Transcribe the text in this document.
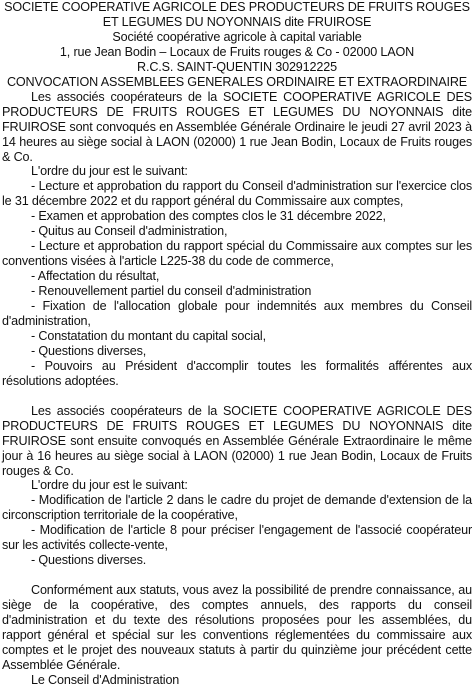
SOCIETE COOPERATIVE AGRICOLE DES PRODUCTEURS DE FRUITS ROUGES

ET LEGUMES DU NOYONNAIS dite FRUIROSE

Société coopérative agricole à capital variable

1, rue Jean Bodin – Locaux de Fruits rouges & Co - 02000 LAON

R.C.S. SAINT-QUENTIN 302912225

CONVOCATION ASSEMBLEES GENERALES ORDINAIRE ET EXTRAORDINAIRE

Les associés coopérateurs de la SOCIETE COOPERATIVE AGRICOLE DES PRODUCTEURS DE FRUITS ROUGES ET LEGUMES DU NOYONNAIS dite FRUIROSE sont convoqués en Assemblée Générale Ordinaire le jeudi 27 avril 2023 à 14 heures au siège social à LAON (02000) 1 rue Jean Bodin, Locaux de Fruits rouges & Co.

L'ordre du jour est le suivant:

- Lecture et approbation du rapport du Conseil d'administration sur l'exercice clos le 31 décembre 2022 et du rapport général du Commissaire aux comptes,

- Examen et approbation des comptes clos le 31 décembre 2022,

- Quitus au Conseil d'administration,

- Lecture et approbation du rapport spécial du Commissaire aux comptes sur les conventions visées à l'article L225-38 du code de commerce,

- Affectation du résultat,

- Renouvellement partiel du conseil d'administration

- Fixation de l'allocation globale pour indemnités aux membres du Conseil d'administration,

- Constatation du montant du capital social,

- Questions diverses,

- Pouvoirs au Président d'accomplir toutes les formalités afférentes aux résolutions adoptées.

Les associés coopérateurs de la SOCIETE COOPERATIVE AGRICOLE DES PRODUCTEURS DE FRUITS ROUGES ET LEGUMES DU NOYONNAIS dite FRUIROSE sont ensuite convoqués en Assemblée Générale Extraordinaire le même jour à 16 heures au siège social à LAON (02000) 1 rue Jean Bodin, Locaux de Fruits rouges & Co.

L'ordre du jour est le suivant:

- Modification de l'article 2 dans le cadre du projet de demande d'extension de la circonscription territoriale de la coopérative,

- Modification de l'article 8 pour préciser l'engagement de l'associé coopérateur sur les activités collecte-vente,

- Questions diverses.

Conformément aux statuts, vous avez la possibilité de prendre connaissance, au siège de la coopérative, des comptes annuels, des rapports du conseil d'administration et du texte des résolutions proposées pour les assemblées, du rapport général et spécial sur les conventions réglementées du commissaire aux comptes et le projet des nouveaux statuts à partir du quinzième jour précédent cette Assemblée Générale.

Le Conseil d'Administration
